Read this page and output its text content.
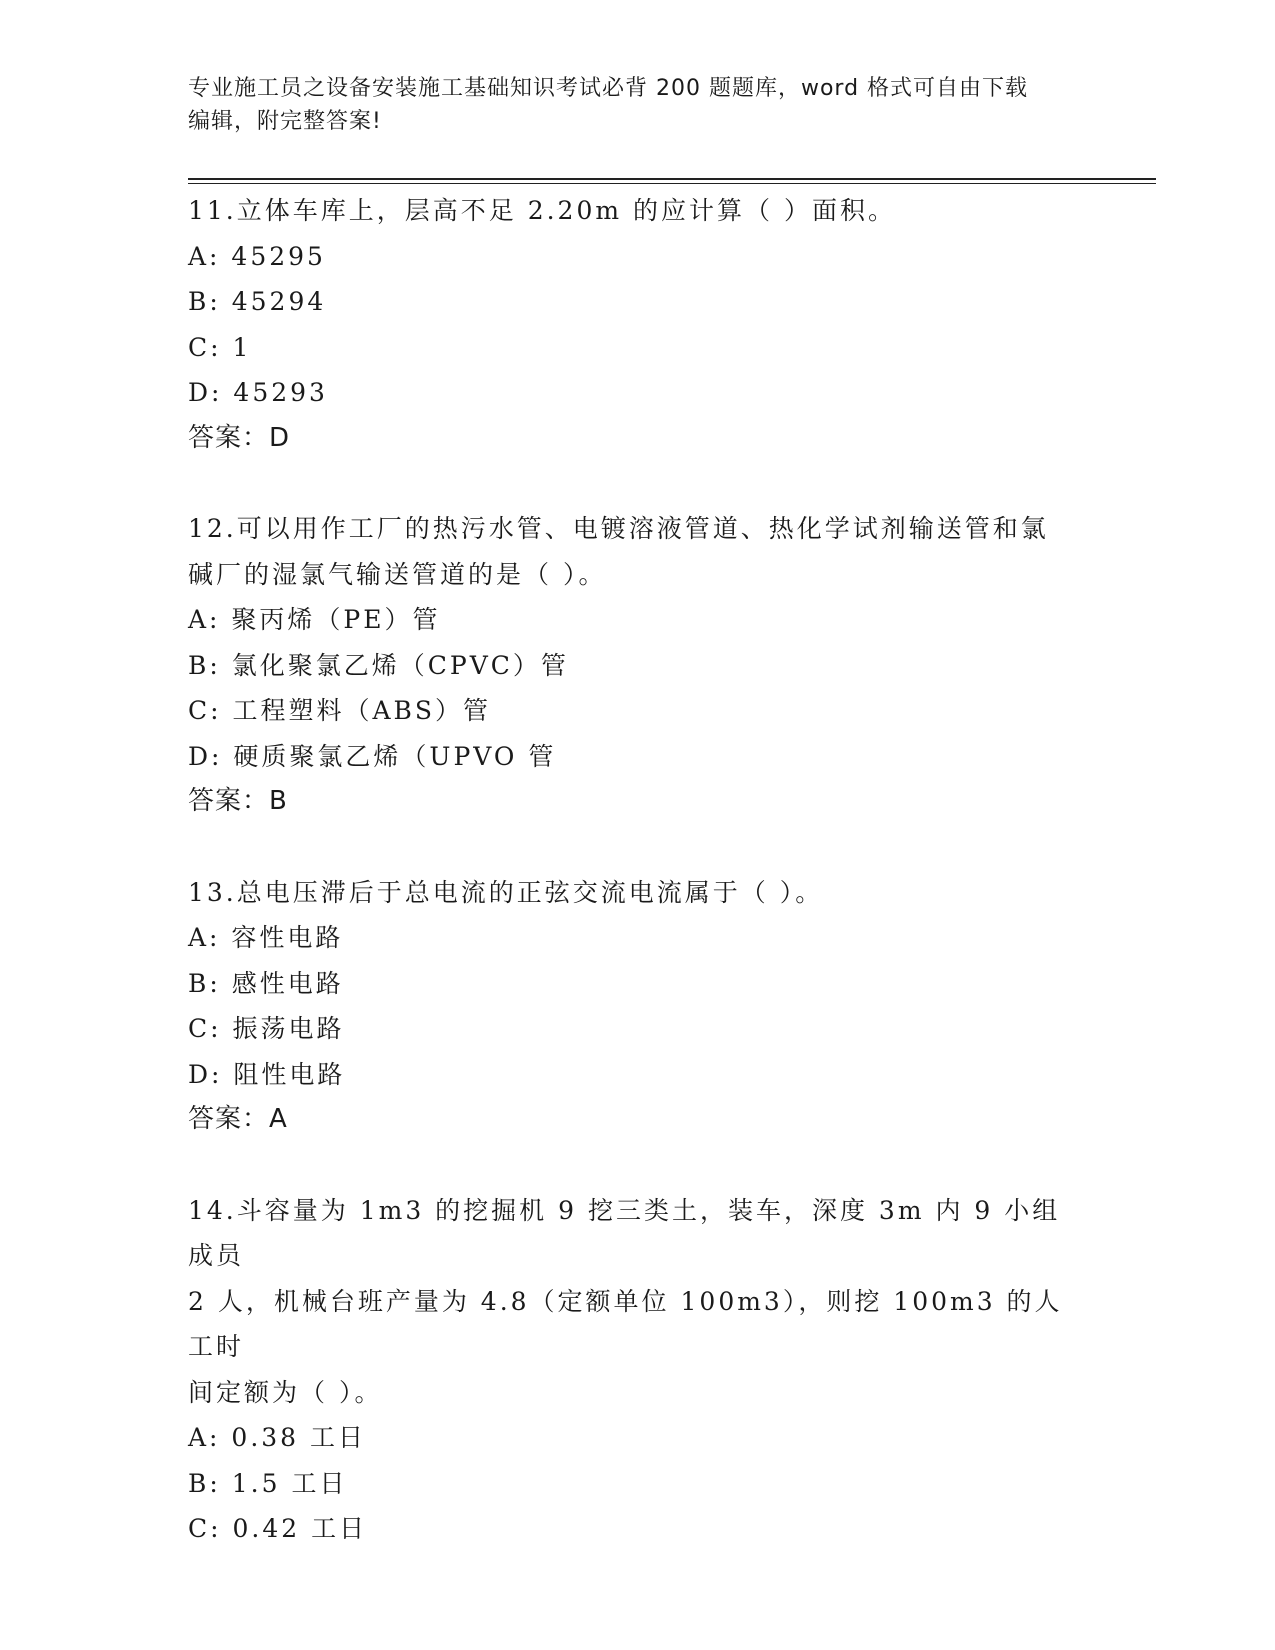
专业施工员之设备安装施工基础知识考试必背 200 题题库，word 格式可自由下载
编辑，附完整答案!
11.立体车库上，层高不足 2.20m 的应计算（ ）面积。
A: 45295
B: 45294
C: 1
D: 45293
答案：D
12.可以用作工厂的热污水管、电镀溶液管道、热化学试剂输送管和氯
碱厂的湿氯气输送管道的是（ ）。
A: 聚丙烯（PE）管
B: 氯化聚氯乙烯（CPVC）管
C: 工程塑料（ABS）管
D: 硬质聚氯乙烯（UPVO 管
答案：B
13.总电压滞后于总电流的正弦交流电流属于（ ）。
A: 容性电路
B: 感性电路
C: 振荡电路
D: 阻性电路
答案：A
14.斗容量为 1m3 的挖掘机 9 挖三类土，装车，深度 3m 内 9 小组成员
2 人，机械台班产量为 4.8（定额单位 100m3），则挖 100m3 的人工时
间定额为（ ）。
A: 0.38 工日
B: 1.5 工日
C: 0.42 工日
